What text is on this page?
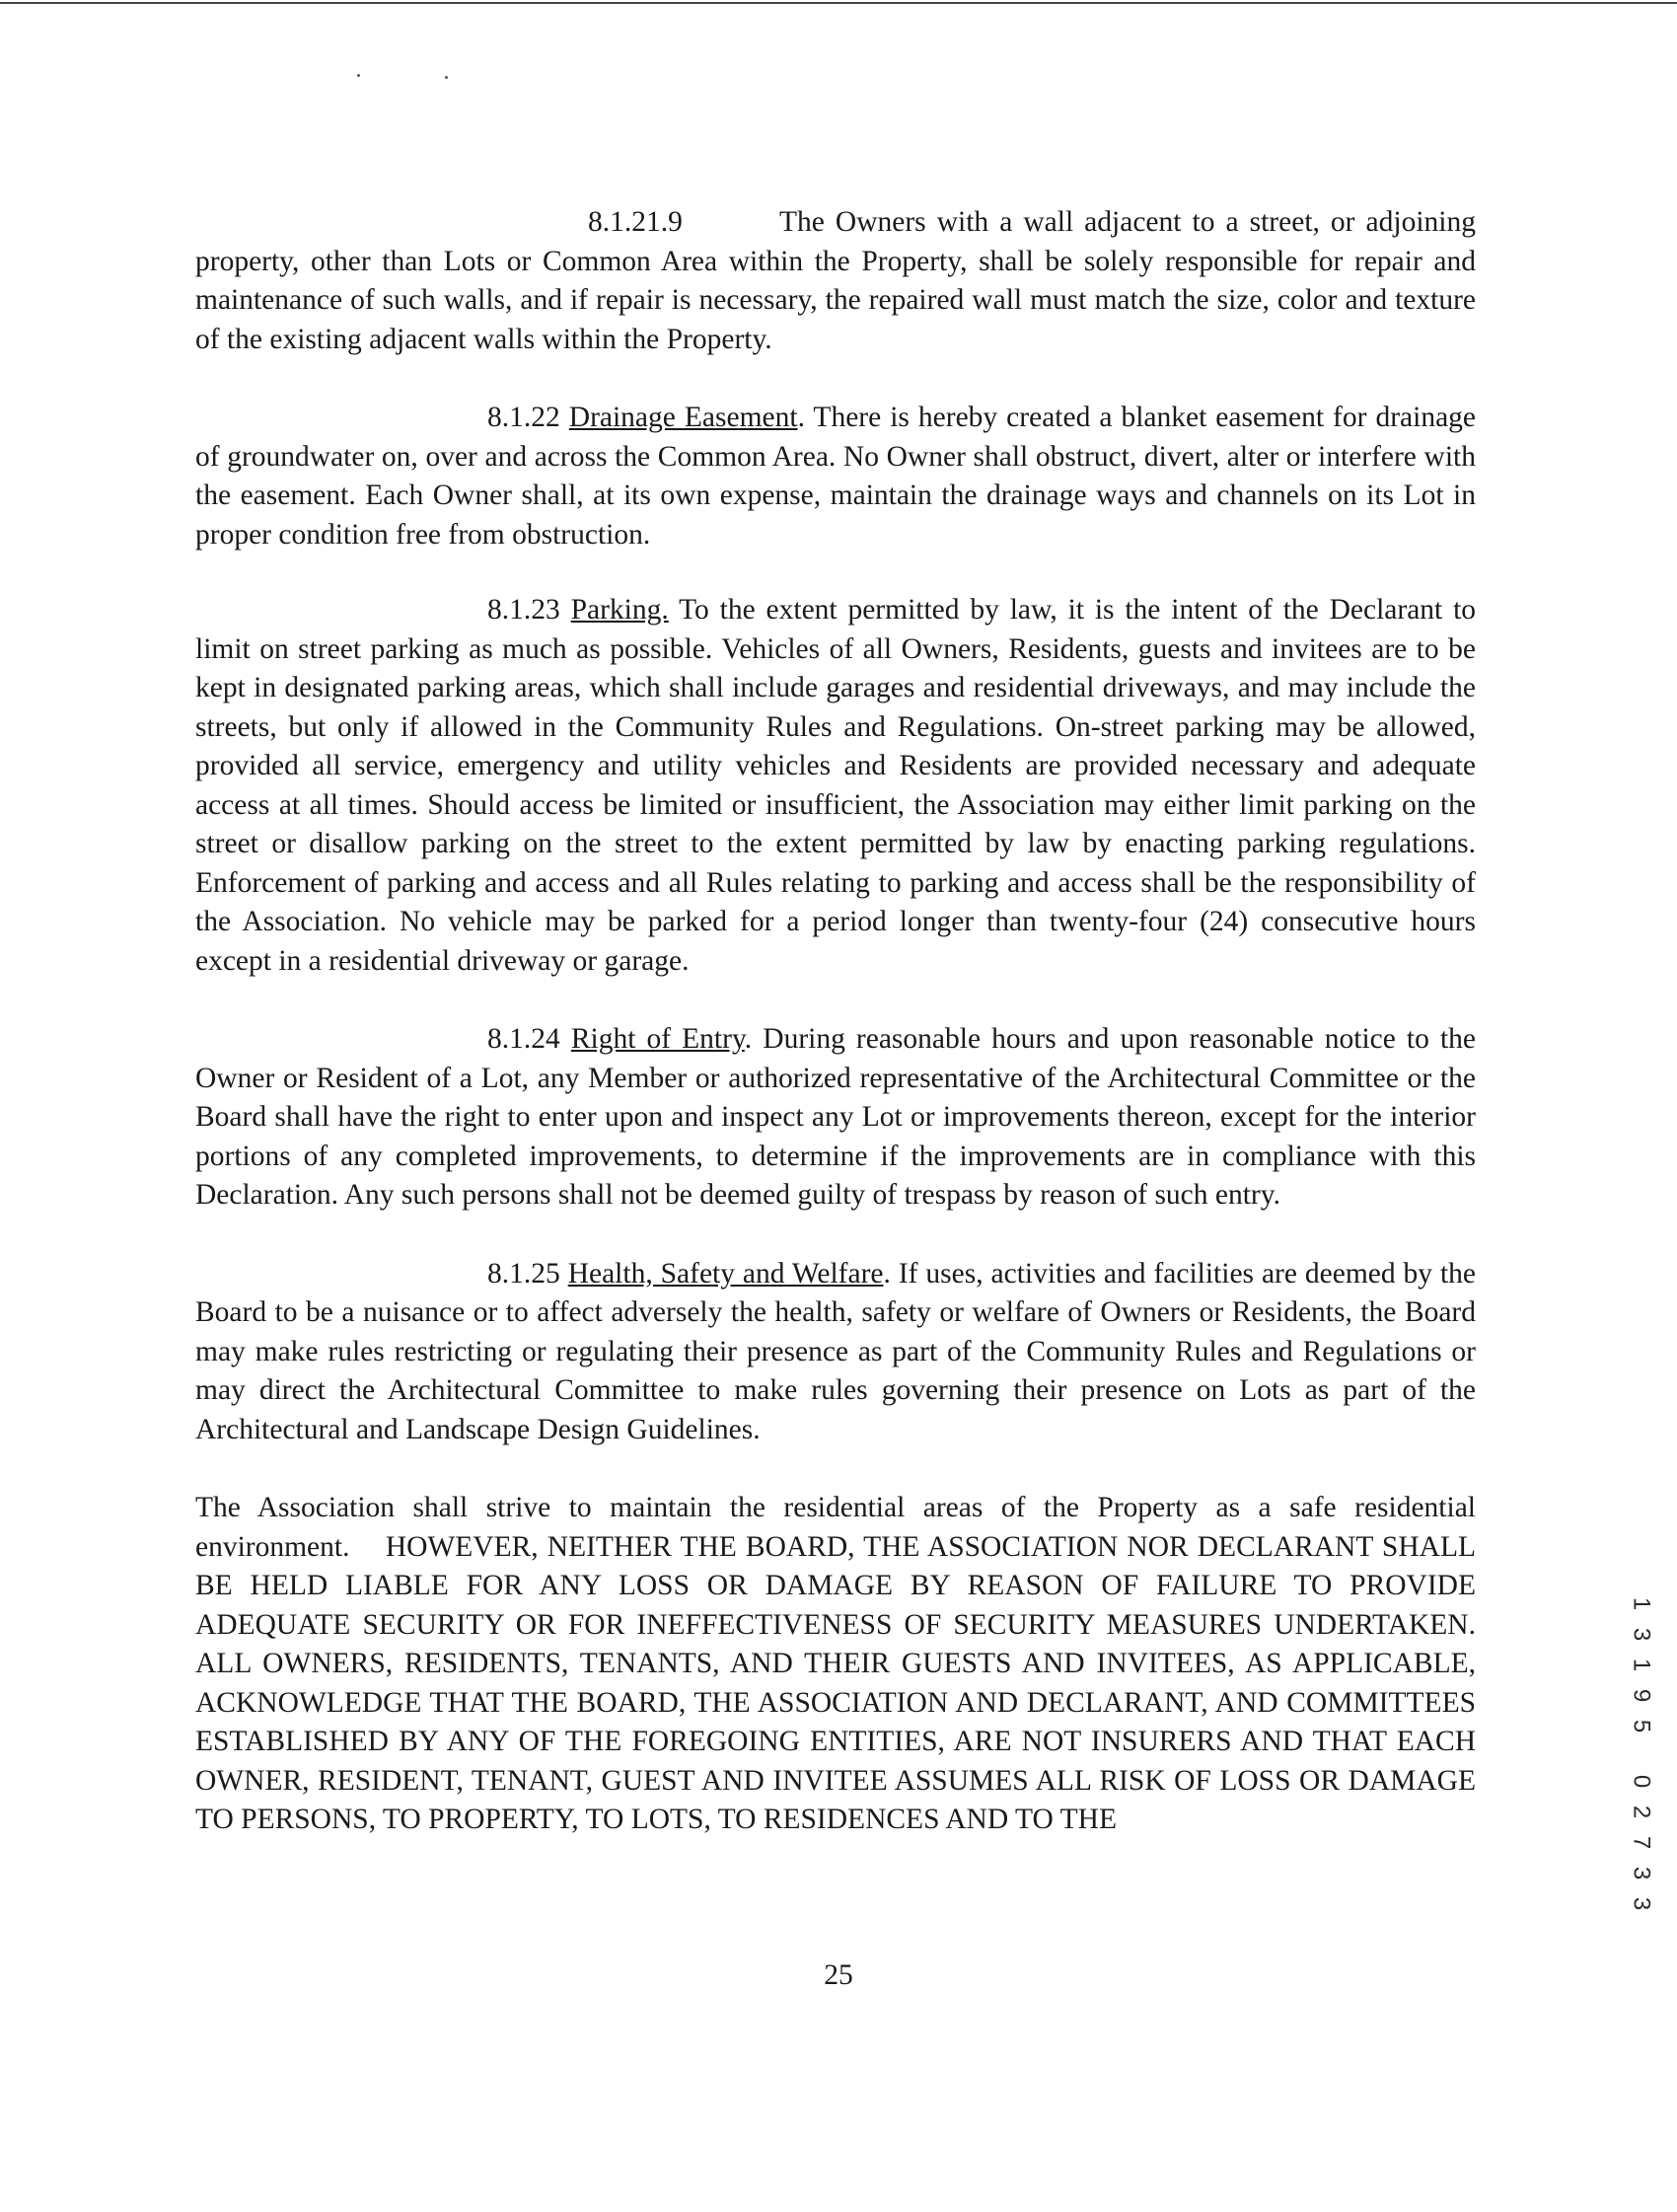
8.1.21.9	The Owners with a wall adjacent to a street, or adjoining property, other than Lots or Common Area within the Property, shall be solely responsible for repair and maintenance of such walls, and if repair is necessary, the repaired wall must match the size, color and texture of the existing adjacent walls within the Property.

8.1.22 Drainage Easement. There is hereby created a blanket easement for drainage of groundwater on, over and across the Common Area. No Owner shall obstruct, divert, alter or interfere with the easement. Each Owner shall, at its own expense, maintain the drainage ways and channels on its Lot in proper condition free from obstruction.

8.1.23 Parking. To the extent permitted by law, it is the intent of the Declarant to limit on street parking as much as possible. Vehicles of all Owners, Residents, guests and invitees are to be kept in designated parking areas, which shall include garages and residential driveways, and may include the streets, but only if allowed in the Community Rules and Regulations. On-street parking may be allowed, provided all service, emergency and utility vehicles and Residents are provided necessary and adequate access at all times. Should access be limited or insufficient, the Association may either limit parking on the street or disallow parking on the street to the extent permitted by law by enacting parking regulations. Enforcement of parking and access and all Rules relating to parking and access shall be the responsibility of the Association. No vehicle may be parked for a period longer than twenty-four (24) consecutive hours except in a residential driveway or garage.

8.1.24 Right of Entry. During reasonable hours and upon reasonable notice to the Owner or Resident of a Lot, any Member or authorized representative of the Architectural Committee or the Board shall have the right to enter upon and inspect any Lot or improvements thereon, except for the interior portions of any completed improvements, to determine if the improvements are in compliance with this Declaration. Any such persons shall not be deemed guilty of trespass by reason of such entry.

8.1.25 Health, Safety and Welfare. If uses, activities and facilities are deemed by the Board to be a nuisance or to affect adversely the health, safety or welfare of Owners or Residents, the Board may make rules restricting or regulating their presence as part of the Community Rules and Regulations or may direct the Architectural Committee to make rules governing their presence on Lots as part of the Architectural and Landscape Design Guidelines.

The Association shall strive to maintain the residential areas of the Property as a safe residential environment. HOWEVER, NEITHER THE BOARD, THE ASSOCIATION NOR DECLARANT SHALL BE HELD LIABLE FOR ANY LOSS OR DAMAGE BY REASON OF FAILURE TO PROVIDE ADEQUATE SECURITY OR FOR INEFFECTIVENESS OF SECURITY MEASURES UNDERTAKEN. ALL OWNERS, RESIDENTS, TENANTS, AND THEIR GUESTS AND INVITEES, AS APPLICABLE, ACKNOWLEDGE THAT THE BOARD, THE ASSOCIATION AND DECLARANT, AND COMMITTEES ESTABLISHED BY ANY OF THE FOREGOING ENTITIES, ARE NOT INSURERS AND THAT EACH OWNER, RESIDENT, TENANT, GUEST AND INVITEE ASSUMES ALL RISK OF LOSS OR DAMAGE TO PERSONS, TO PROPERTY, TO LOTS, TO RESIDENCES AND TO THE

25
1
3
1
9
5
0
2
7
3
3
